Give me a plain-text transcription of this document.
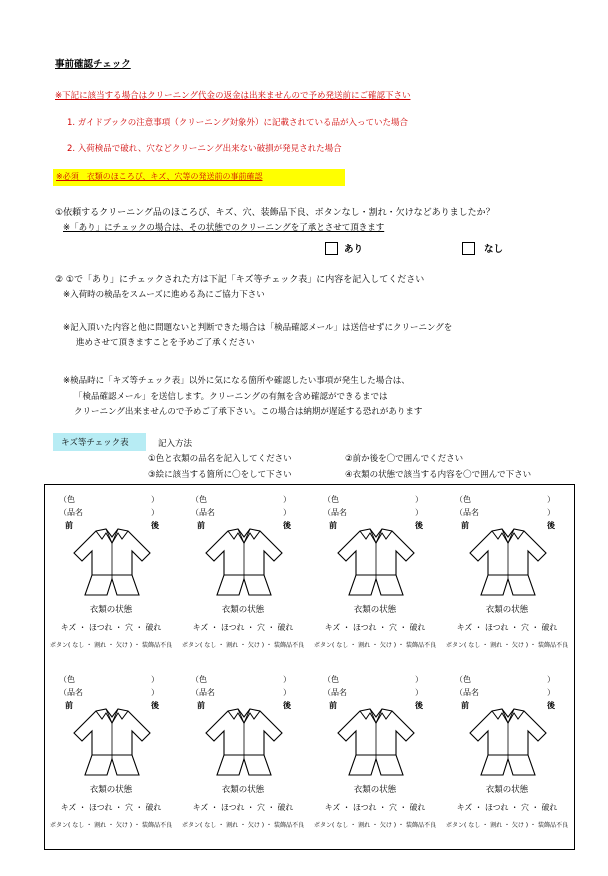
事前確認チェック
※下記に該当する場合はクリーニング代金の返金は出来ませんので予め発送前にご確認下さい
1. ガイドブックの注意事項（クリーニング対象外）に記載されている品が入っていた場合
2. 入荷検品で破れ、穴などクリーニング出来ない破損が発見された場合
※必須　衣類のほころび、キズ、穴等の発送前の事前確認
①依頼するクリーニング品のほころび、キズ、穴、装飾品下良、ボタンなし・割れ・欠けなどありましたか？
※「あり」にチェックの場合は、その状態でのクリーニングを了承とさせて頂きます
あり	なし
② ①で「あり」にチェックされた方は下記「キズ等チェック表」に内容を記入してください
※入荷時の検品をスムーズに進める為にご協力下さい
※記入頂いた内容と他に問題ないと判断できた場合は「検品確認メール」は送信せずにクリーニングを
進めさせて頂きますことを予めご了承ください
※検品時に「キズ等チェック表」以外に気になる箇所や確認したい事項が発生した場合は、
「検品確認メール」を送信します。クリーニングの有無を含め確認ができるまでは
クリーニング出来ませんので予めご了承下さい。この場合は納期が遅延する恐れがあります
キズ等チェック表	記入方法
①色と衣類の品名を記入してください	②前か後を〇で囲んでください
③絵に該当する箇所に〇をして下さい	④衣類の状態で該当する内容を〇で囲んで下さい
（色	）
（品名	）
前	後
衣類の状態
キズ ・ ほつれ ・ 穴 ・ 破れ
ボタン( なし ・ 割れ ・ 欠け ) ・ 装飾品不良
（色	）
（品名	）
前	後
衣類の状態
キズ ・ ほつれ ・ 穴 ・ 破れ
ボタン( なし ・ 割れ ・ 欠け ) ・ 装飾品不良
（色	）
（品名	）
前	後
衣類の状態
キズ ・ ほつれ ・ 穴 ・ 破れ
ボタン( なし ・ 割れ ・ 欠け ) ・ 装飾品不良
（色	）
（品名	）
前	後
衣類の状態
キズ ・ ほつれ ・ 穴 ・ 破れ
ボタン( なし ・ 割れ ・ 欠け ) ・ 装飾品不良
（色	）
（品名	）
前	後
衣類の状態
キズ ・ ほつれ ・ 穴 ・ 破れ
ボタン( なし ・ 割れ ・ 欠け ) ・ 装飾品不良
（色	）
（品名	）
前	後
衣類の状態
キズ ・ ほつれ ・ 穴 ・ 破れ
ボタン( なし ・ 割れ ・ 欠け ) ・ 装飾品不良
（色	）
（品名	）
前	後
衣類の状態
キズ ・ ほつれ ・ 穴 ・ 破れ
ボタン( なし ・ 割れ ・ 欠け ) ・ 装飾品不良
（色	）
（品名	）
前	後
衣類の状態
キズ ・ ほつれ ・ 穴 ・ 破れ
ボタン( なし ・ 割れ ・ 欠け ) ・ 装飾品不良
